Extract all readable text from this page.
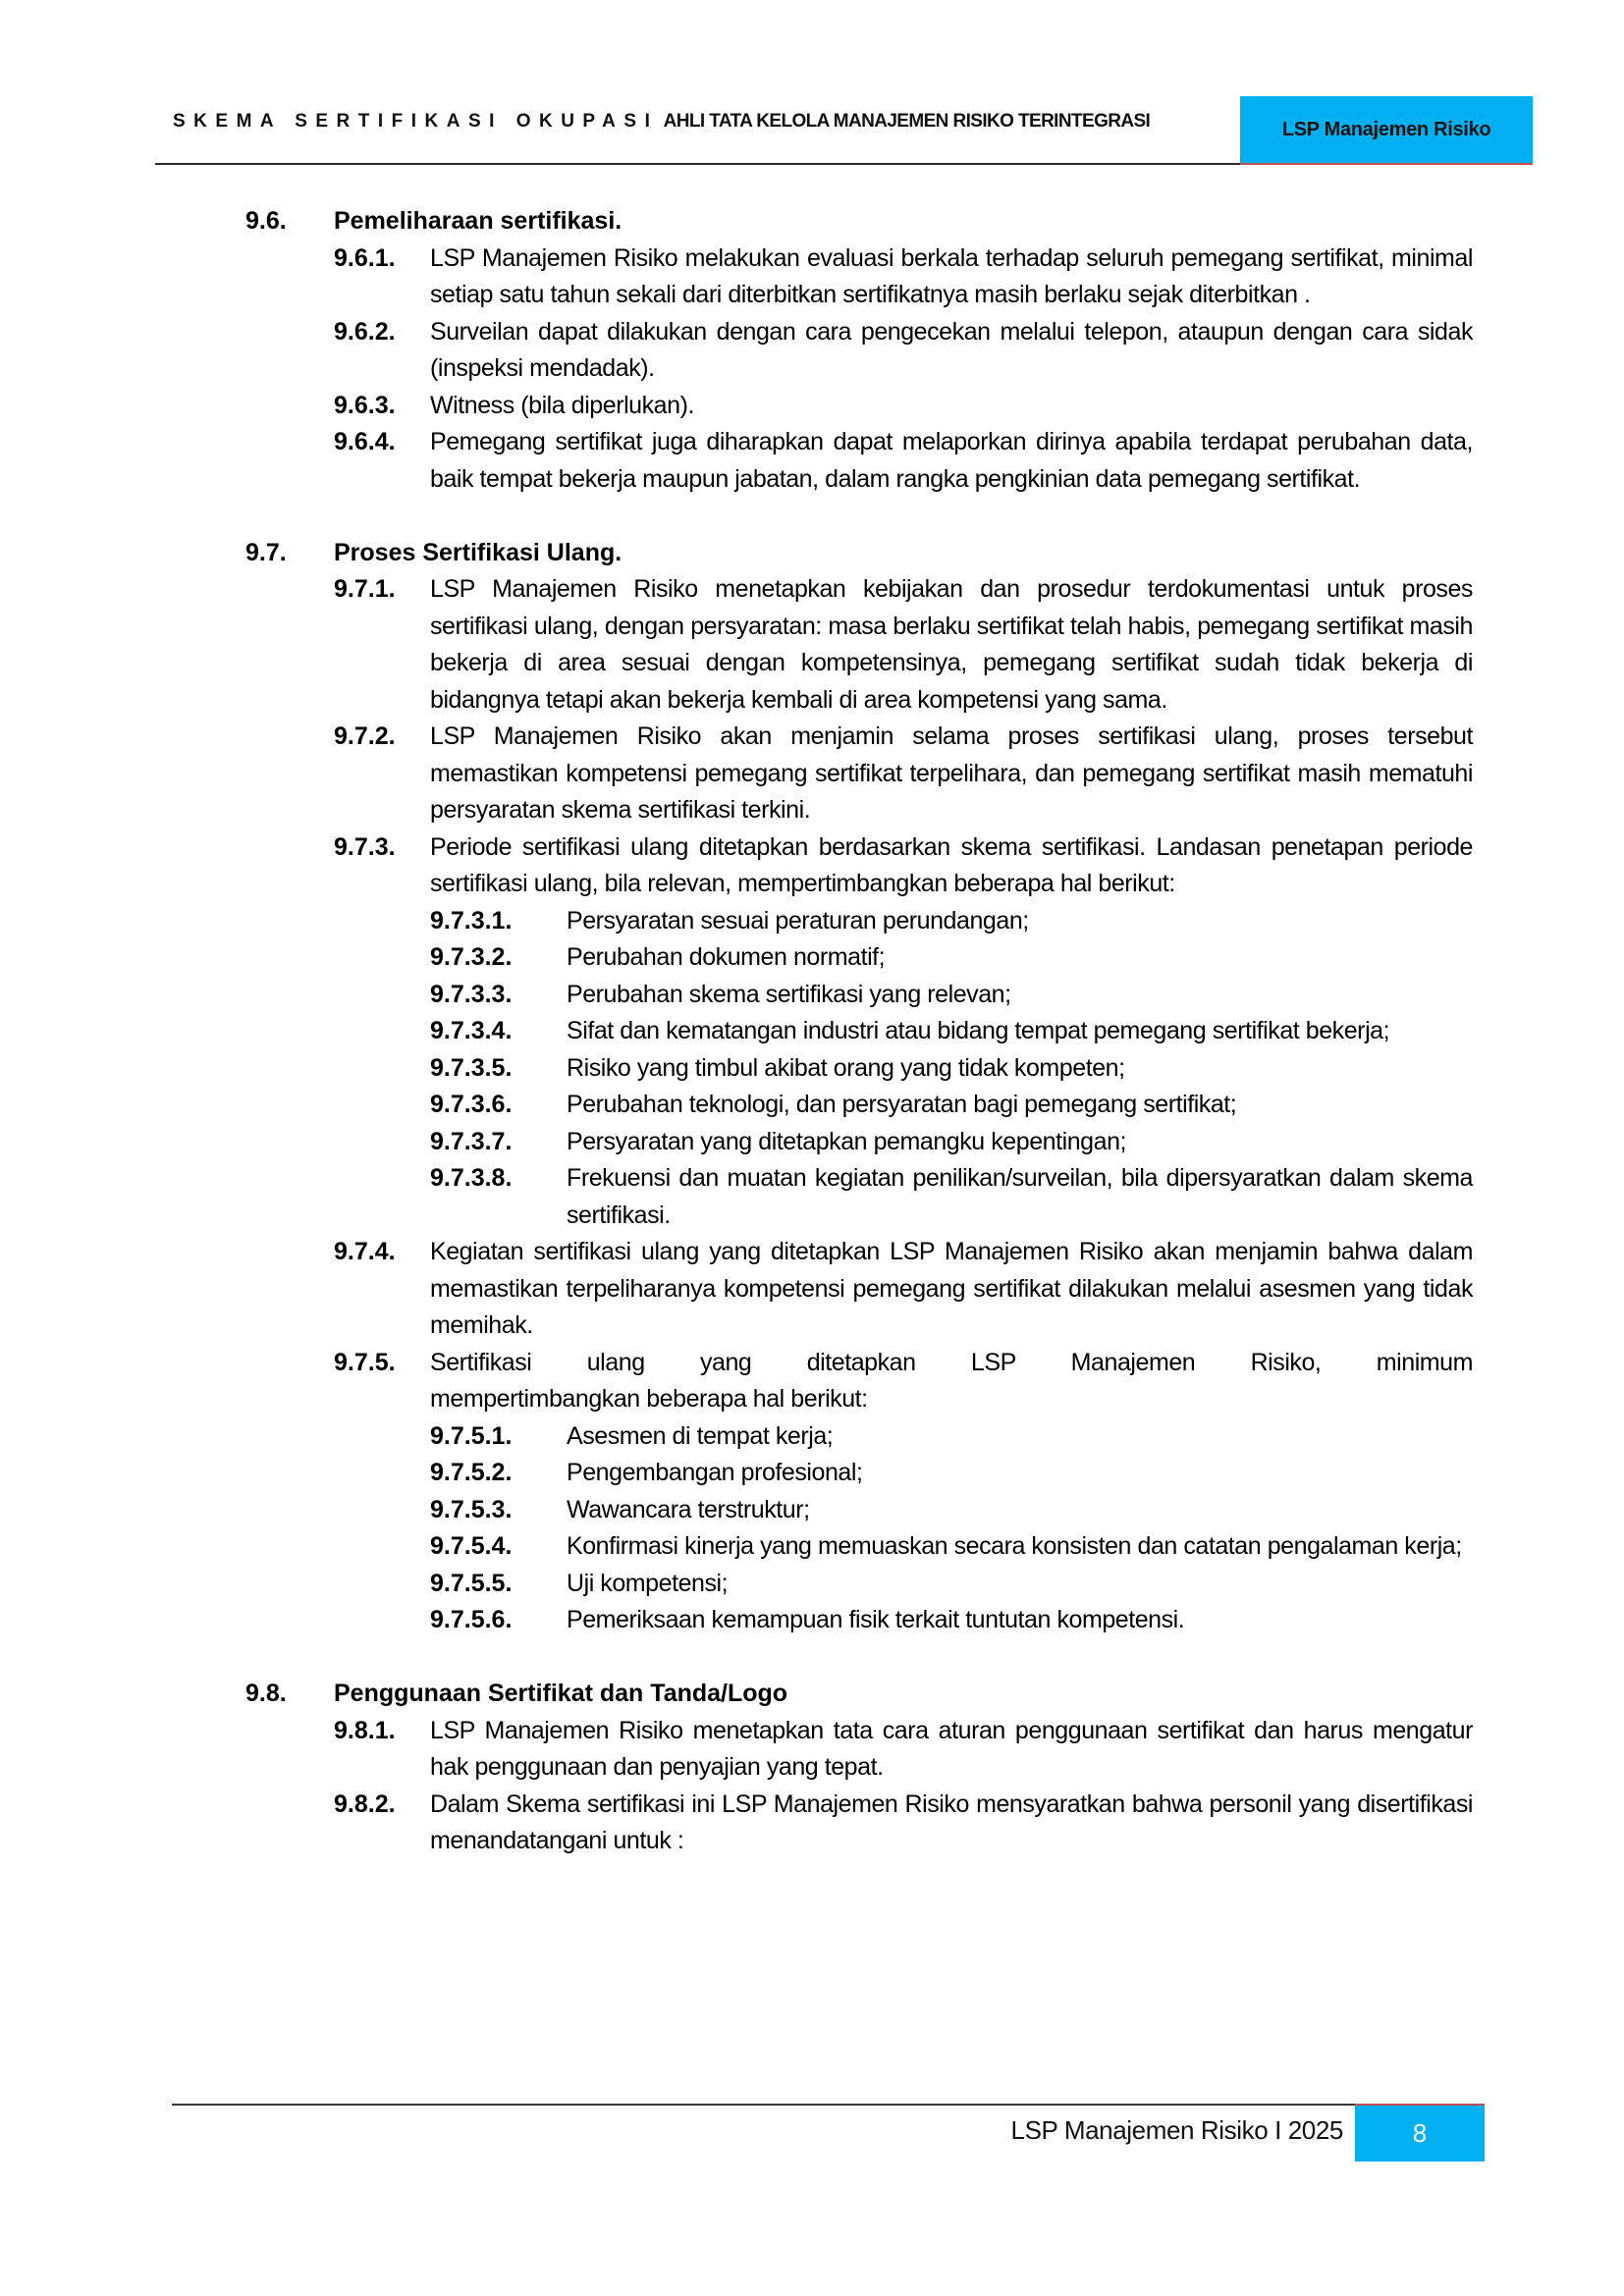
SKEMA SERTIFIKASI OKUPASI AHLI TATA KELOLA MANAJEMEN RISIKO TERINTEGRASI	LSP Manajemen Risiko
9.6.	Pemeliharaan sertifikasi.
9.6.1.	LSP Manajemen Risiko melakukan evaluasi berkala terhadap seluruh pemegang sertifikat, minimal setiap satu tahun sekali dari diterbitkan sertifikatnya masih berlaku sejak diterbitkan .
9.6.2.	Surveilan dapat dilakukan dengan cara pengecekan melalui telepon, ataupun dengan cara sidak (inspeksi mendadak).
9.6.3.	Witness (bila diperlukan).
9.6.4.	Pemegang sertifikat juga diharapkan dapat melaporkan dirinya apabila terdapat perubahan data, baik tempat bekerja maupun jabatan, dalam rangka pengkinian data pemegang sertifikat.
9.7.	Proses Sertifikasi Ulang.
9.7.1.	LSP Manajemen Risiko menetapkan kebijakan dan prosedur terdokumentasi untuk proses sertifikasi ulang, dengan persyaratan: masa berlaku sertifikat telah habis, pemegang sertifikat masih bekerja di area sesuai dengan kompetensinya, pemegang sertifikat sudah tidak bekerja di bidangnya tetapi akan bekerja kembali di area kompetensi yang sama.
9.7.2.	LSP Manajemen Risiko akan menjamin selama proses sertifikasi ulang, proses tersebut memastikan kompetensi pemegang sertifikat terpelihara, dan pemegang sertifikat masih mematuhi persyaratan skema sertifikasi terkini.
9.7.3.	Periode sertifikasi ulang ditetapkan berdasarkan skema sertifikasi. Landasan penetapan periode sertifikasi ulang, bila relevan, mempertimbangkan beberapa hal berikut:
9.7.3.1.	Persyaratan sesuai peraturan perundangan;
9.7.3.2.	Perubahan dokumen normatif;
9.7.3.3.	Perubahan skema sertifikasi yang relevan;
9.7.3.4.	Sifat dan kematangan industri atau bidang tempat pemegang sertifikat bekerja;
9.7.3.5.	Risiko yang timbul akibat orang yang tidak kompeten;
9.7.3.6.	Perubahan teknologi, dan persyaratan bagi pemegang sertifikat;
9.7.3.7.	Persyaratan yang ditetapkan pemangku kepentingan;
9.7.3.8.	Frekuensi dan muatan kegiatan penilikan/surveilan, bila dipersyaratkan dalam skema sertifikasi.
9.7.4.	Kegiatan sertifikasi ulang yang ditetapkan LSP Manajemen Risiko akan menjamin bahwa dalam memastikan terpeliharanya kompetensi pemegang sertifikat dilakukan melalui asesmen yang tidak memihak.
9.7.5.	Sertifikasi ulang yang ditetapkan LSP Manajemen Risiko, minimum
mempertimbangkan beberapa hal berikut:
9.7.5.1.	Asesmen di tempat kerja;
9.7.5.2.	Pengembangan profesional;
9.7.5.3.	Wawancara terstruktur;
9.7.5.4.	Konfirmasi kinerja yang memuaskan secara konsisten dan catatan pengalaman kerja;
9.7.5.5.	Uji kompetensi;
9.7.5.6.	Pemeriksaan kemampuan fisik terkait tuntutan kompetensi.
9.8.	Penggunaan Sertifikat dan Tanda/Logo
9.8.1.	LSP Manajemen Risiko menetapkan tata cara aturan penggunaan sertifikat dan harus mengatur hak penggunaan dan penyajian yang tepat.
9.8.2.	Dalam Skema sertifikasi ini LSP Manajemen Risiko mensyaratkan bahwa personil yang disertifikasi menandatangani untuk :
LSP Manajemen Risiko I 2025	8
